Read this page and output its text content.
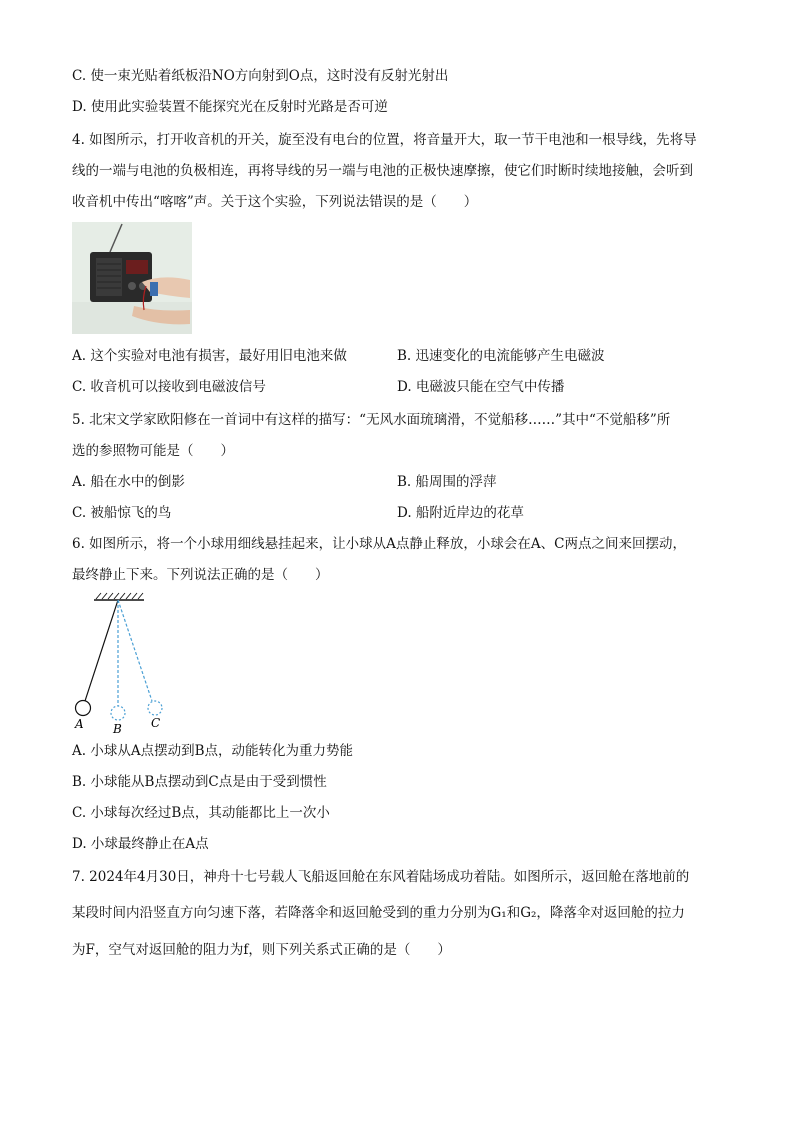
C. 使一束光贴着纸板沿NO方向射到O点，这时没有反射光射出
D. 使用此实验装置不能探究光在反射时光路是否可逆
4. 如图所示，打开收音机的开关，旋至没有电台的位置，将音量开大，取一节干电池和一根导线，先将导
线的一端与电池的负极相连，再将导线的另一端与电池的正极快速摩擦，使它们时断时续地接触，会听到
收音机中传出“喀喀”声。关于这个实验，下列说法错误的是（　　）
A. 这个实验对电池有损害，最好用旧电池来做	B. 迅速变化的电流能够产生电磁波
C. 收音机可以接收到电磁波信号	D. 电磁波只能在空气中传播
5. 北宋文学家欧阳修在一首词中有这样的描写：“无风水面琉璃滑，不觉船移……”其中“不觉船移”所
选的参照物可能是（　　）
A. 船在水中的倒影	B. 船周围的浮萍
C. 被船惊飞的鸟	D. 船附近岸边的花草
6. 如图所示，将一个小球用细线悬挂起来，让小球从A点静止释放，小球会在A、C两点之间来回摆动，
最终静止下来。下列说法正确的是（　　）
A B C
A. 小球从A点摆动到B点，动能转化为重力势能
B. 小球能从B点摆动到C点是由于受到惯性
C. 小球每次经过B点，其动能都比上一次小
D. 小球最终静止在A点
7. 2024年4月30日，神舟十七号载人飞船返回舱在东风着陆场成功着陆。如图所示，返回舱在落地前的
某段时间内沿竖直方向匀速下落，若降落伞和返回舱受到的重力分别为G₁和G₂，降落伞对返回舱的拉力
为F，空气对返回舱的阻力为f，则下列关系式正确的是（　　）
